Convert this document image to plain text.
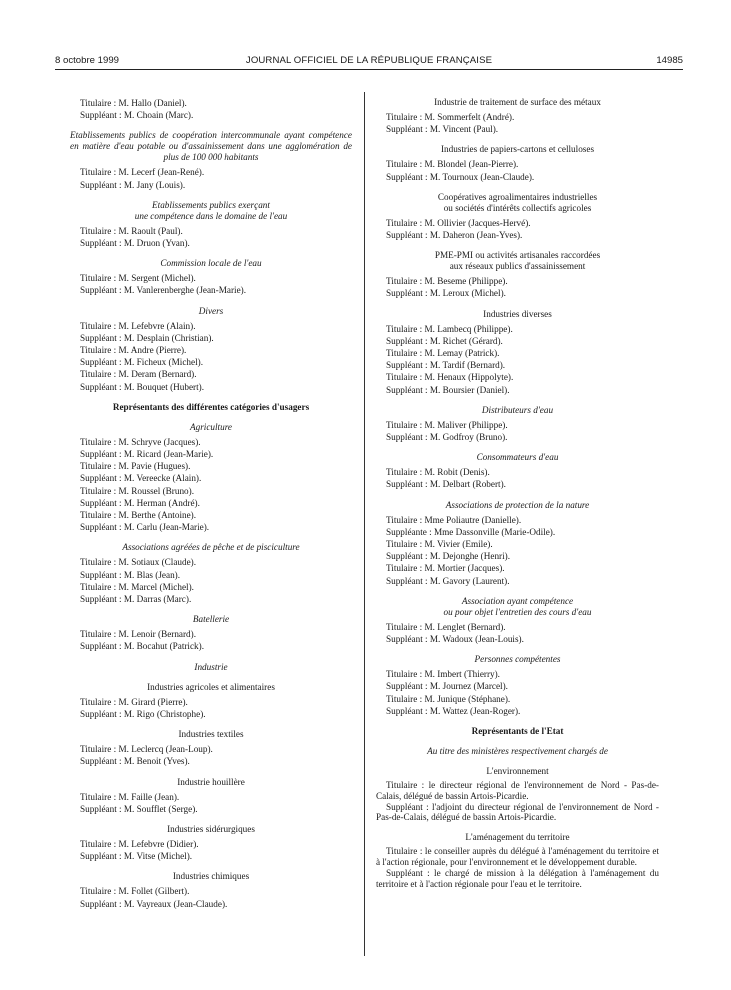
8 octobre 1999	JOURNAL OFFICIEL DE LA RÉPUBLIQUE FRANÇAISE	14985
Titulaire : M. Hallo (Daniel).
Suppléant : M. Choain (Marc).
Etablissements publics de coopération intercommunale ayant compétence en matière d'eau potable ou d'assainissement dans une agglomération de plus de 100 000 habitants
Titulaire : M. Lecerf (Jean-René).
Suppléant : M. Jany (Louis).
Etablissements publics exerçant
une compétence dans le domaine de l'eau
Titulaire : M. Raoult (Paul).
Suppléant : M. Druon (Yvan).
Commission locale de l'eau
Titulaire : M. Sergent (Michel).
Suppléant : M. Vanlerenberghe (Jean-Marie).
Divers
Titulaire : M. Lefebvre (Alain).
Suppléant : M. Desplain (Christian).
Titulaire : M. Andre (Pierre).
Suppléant : M. Ficheux (Michel).
Titulaire : M. Deram (Bernard).
Suppléant : M. Bouquet (Hubert).
Représentants des différentes catégories d'usagers
Agriculture
Titulaire : M. Schryve (Jacques).
Suppléant : M. Ricard (Jean-Marie).
Titulaire : M. Pavie (Hugues).
Suppléant : M. Vereecke (Alain).
Titulaire : M. Roussel (Bruno).
Suppléant : M. Herman (André).
Titulaire : M. Berthe (Antoine).
Suppléant : M. Carlu (Jean-Marie).
Associations agréées de pêche et de pisciculture
Titulaire : M. Sotiaux (Claude).
Suppléant : M. Blas (Jean).
Titulaire : M. Marcel (Michel).
Suppléant : M. Darras (Marc).
Batellerie
Titulaire : M. Lenoir (Bernard).
Suppléant : M. Bocahut (Patrick).
Industrie
Industries agricoles et alimentaires
Titulaire : M. Girard (Pierre).
Suppléant : M. Rigo (Christophe).
Industries textiles
Titulaire : M. Leclercq (Jean-Loup).
Suppléant : M. Benoit (Yves).
Industrie houillère
Titulaire : M. Faille (Jean).
Suppléant : M. Soufflet (Serge).
Industries sidérurgiques
Titulaire : M. Lefebvre (Didier).
Suppléant : M. Vitse (Michel).
Industries chimiques
Titulaire : M. Follet (Gilbert).
Suppléant : M. Vayreaux (Jean-Claude).
Industrie de traitement de surface des métaux
Titulaire : M. Sommerfelt (André).
Suppléant : M. Vincent (Paul).
Industries de papiers-cartons et celluloses
Titulaire : M. Blondel (Jean-Pierre).
Suppléant : M. Tournoux (Jean-Claude).
Coopératives agroalimentaires industrielles
ou sociétés d'intérêts collectifs agricoles
Titulaire : M. Ollivier (Jacques-Hervé).
Suppléant : M. Daheron (Jean-Yves).
PME-PMI ou activités artisanales raccordées
aux réseaux publics d'assainissement
Titulaire : M. Beseme (Philippe).
Suppléant : M. Leroux (Michel).
Industries diverses
Titulaire : M. Lambecq (Philippe).
Suppléant : M. Richet (Gérard).
Titulaire : M. Lemay (Patrick).
Suppléant : M. Tardif (Bernard).
Titulaire : M. Henaux (Hippolyte).
Suppléant : M. Boursier (Daniel).
Distributeurs d'eau
Titulaire : M. Maliver (Philippe).
Suppléant : M. Godfroy (Bruno).
Consommateurs d'eau
Titulaire : M. Robit (Denis).
Suppléant : M. Delbart (Robert).
Associations de protection de la nature
Titulaire : Mme Poliautre (Danielle).
Suppléante : Mme Dassonville (Marie-Odile).
Titulaire : M. Vivier (Emile).
Suppléant : M. Dejonghe (Henri).
Titulaire : M. Mortier (Jacques).
Suppléant : M. Gavory (Laurent).
Association ayant compétence
ou pour objet l'entretien des cours d'eau
Titulaire : M. Lenglet (Bernard).
Suppléant : M. Wadoux (Jean-Louis).
Personnes compétentes
Titulaire : M. Imbert (Thierry).
Suppléant : M. Journez (Marcel).
Titulaire : M. Junique (Stéphane).
Suppléant : M. Wattez (Jean-Roger).
Représentants de l'Etat
Au titre des ministères respectivement chargés de
L'environnement
Titulaire : le directeur régional de l'environnement de Nord - Pas-de-Calais, délégué de bassin Artois-Picardie.
Suppléant : l'adjoint du directeur régional de l'environnement de Nord - Pas-de-Calais, délégué de bassin Artois-Picardie.
L'aménagement du territoire
Titulaire : le conseiller auprès du délégué à l'aménagement du territoire et à l'action régionale, pour l'environnement et le développement durable.
Suppléant : le chargé de mission à la délégation à l'aménagement du territoire et à l'action régionale pour l'eau et le territoire.
